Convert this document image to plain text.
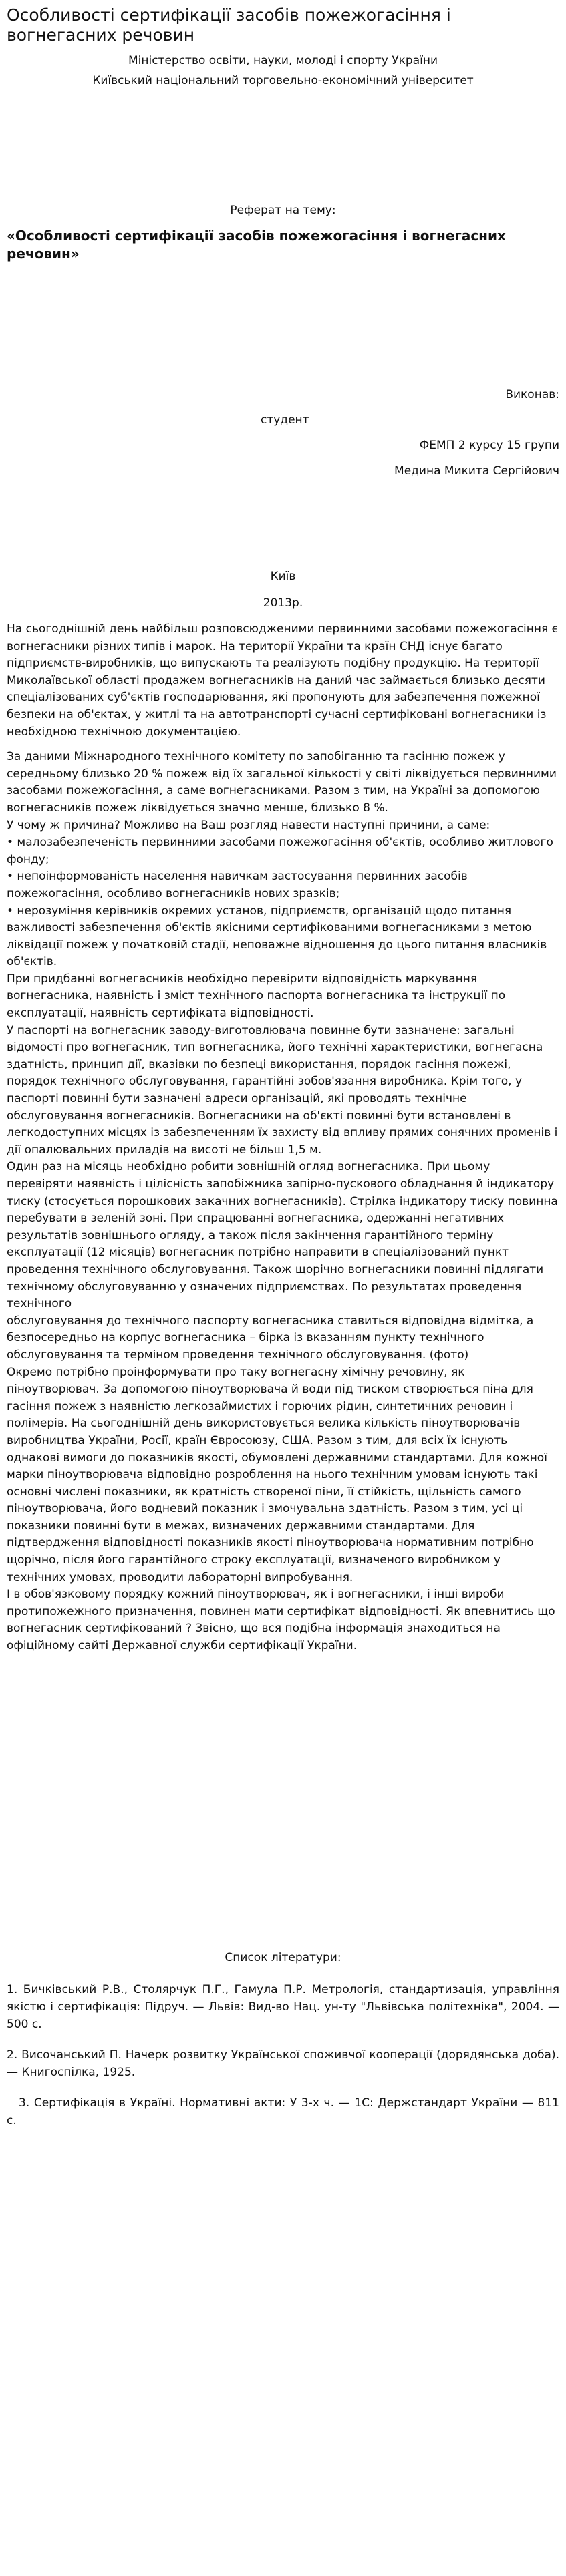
Особливості сертифікації засобів пожежогасіння і вогнегасних речовин
Міністерство освіти, науки, молоді і спорту України
Київський національний торговельно-економічний університет
Реферат на тему:
«Особливості сертифікації засобів пожежогасіння і вогнегасних речовин»
Виконав:
студент
ФЕМП 2 курсу 15 групи
Медина Микита Сергійович
Київ
2013р.

На сьогоднішній день найбільш розповсюдженими первинними засобами пожежогасіння є вогнегасники різних типів і марок. На території України та країн СНД існує багато підприємств-виробників, що випускають та реалізують подібну продукцію. На території Миколаївської області продажем вогнегасників на даний час займається близько десяти спеціалізованих суб'єктів господарювання, які пропонують для забезпечення пожежної безпеки на об'єктах, у житлі та на автотранспорті сучасні сертифіковані вогнегасники із необхідною технічною документацією.

За даними Міжнародного технічного комітету по запобіганню та гасінню пожеж у середньому близько 20 % пожеж від їх загальної кількості у світі ліквідується первинними засобами пожежогасіння, а саме вогнегасниками. Разом з тим, на Україні за допомогою вогнегасників пожеж ліквідується значно менше, близько 8 %.

У чому ж причина? Можливо на Ваш розгляд навести наступні причини, а саме:

• малозабезпеченість первинними засобами пожежогасіння об'єктів, особливо житлового фонду;

• непоінформованість населення навичкам застосування первинних засобів пожежогасіння, особливо вогнегасників нових зразків;

• нерозуміння керівників окремих установ, підприємств, організацій щодо питання важливості забезпечення об'єктів якісними сертифікованими вогнегасниками з метою ліквідації пожеж у початковій стадії, неповажне відношення до цього питання власників об'єктів.

При придбанні вогнегасників необхідно перевірити відповідність маркування вогнегасника, наявність і зміст технічного паспорта вогнегасника та інструкції по експлуатації, наявність сертифіката відповідності.

У паспорті на вогнегасник заводу-виготовлювача повинне бути зазначене: загальні відомості про вогнегасник, тип вогнегасника, його технічні характеристики, вогнегасна здатність, принцип дії, вказівки по безпеці використання, порядок гасіння пожежі, порядок технічного обслуговування, гарантійні зобов'язання виробника. Крім того, у паспорті повинні бути зазначені адреси організацій, які проводять технічне обслуговування вогнегасників. Вогнегасники на об'єкті повинні бути встановлені в легкодоступних місцях із забезпеченням їх захисту від впливу прямих сонячних променів і дії опалювальних приладів на висоті не більш 1,5 м.

Один раз на місяць необхідно робити зовнішній огляд вогнегасника. При цьому перевіряти наявність і цілісність запобіжника запірно-пускового обладнання й індикатору тиску (стосується порошкових закачних вогнегасників). Стрілка індикатору тиску повинна перебувати в зеленій зоні. При спрацюванні вогнегасника, одержанні негативних результатів зовнішнього огляду, а також після закінчення гарантійного терміну експлуатації (12 місяців) вогнегасник потрібно направити в спеціалізований пункт проведення технічного обслуговування. Також щорічно вогнегасники повинні підлягати технічному обслуговуванню у означених підприємствах. По результатах проведення технічного

обслуговування до технічного паспорту вогнегасника ставиться відповідна відмітка, а безпосередньо на корпус вогнегасника – бірка із вказанням пункту технічного обслуговування та терміном проведення технічного обслуговування. (фото)

Окремо потрібно проінформувати про таку вогнегасну хімічну речовину, як піноутворювач. За допомогою піноутворювача й води під тиском створюється піна для гасіння пожеж з наявністю легкозаймистих і горючих рідин, синтетичних речовин і полімерів. На сьогоднішній день використовується велика кількість піноутворювачів виробництва України, Росії, країн Євросоюзу, США. Разом з тим, для всіх їх існують однакові вимоги до показників якості, обумовлені державними стандартами. Для кожної марки піноутворювача відповідно розроблення на нього технічним умовам існують такі основні числені показники, як кратність створеної піни, її стійкість, щільність самого піноутворювача, його водневий показник і змочувальна здатність. Разом з тим, усі ці показники повинні бути в межах, визначених державними стандартами. Для підтвердження відповідності показників якості піноутворювача нормативним потрібно щорічно, після його гарантійного строку експлуатації, визначеного виробником у технічних умовах, проводити лабораторні випробування.

І в обов'язковому порядку кожний піноутворювач, як і вогнегасники, і інші вироби протипожежного призначення, повинен мати сертифікат відповідності. Як впевнитись що вогнегасник сертифікований ? Звісно, що вся подібна інформація знаходиться на офіційному сайті Державної служби сертифікації України.

Список літератури:

1. Бичківський Р.В., Столярчук П.Г., Гамула П.Р. Метрологія, стандартизація, управління якістю і сертифікація: Підруч. — Львів: Вид-во Нац. ун-ту "Львівська політехніка", 2004. — 500 с.

2. Височанський П. Начерк розвитку Української споживчої кооперації (дорядянська доба). — Книгоспілка, 1925.

3. Сертифікація в Україні. Нормативні акти: У 3-х ч. — 1С: Держстандарт України — 811 с.
